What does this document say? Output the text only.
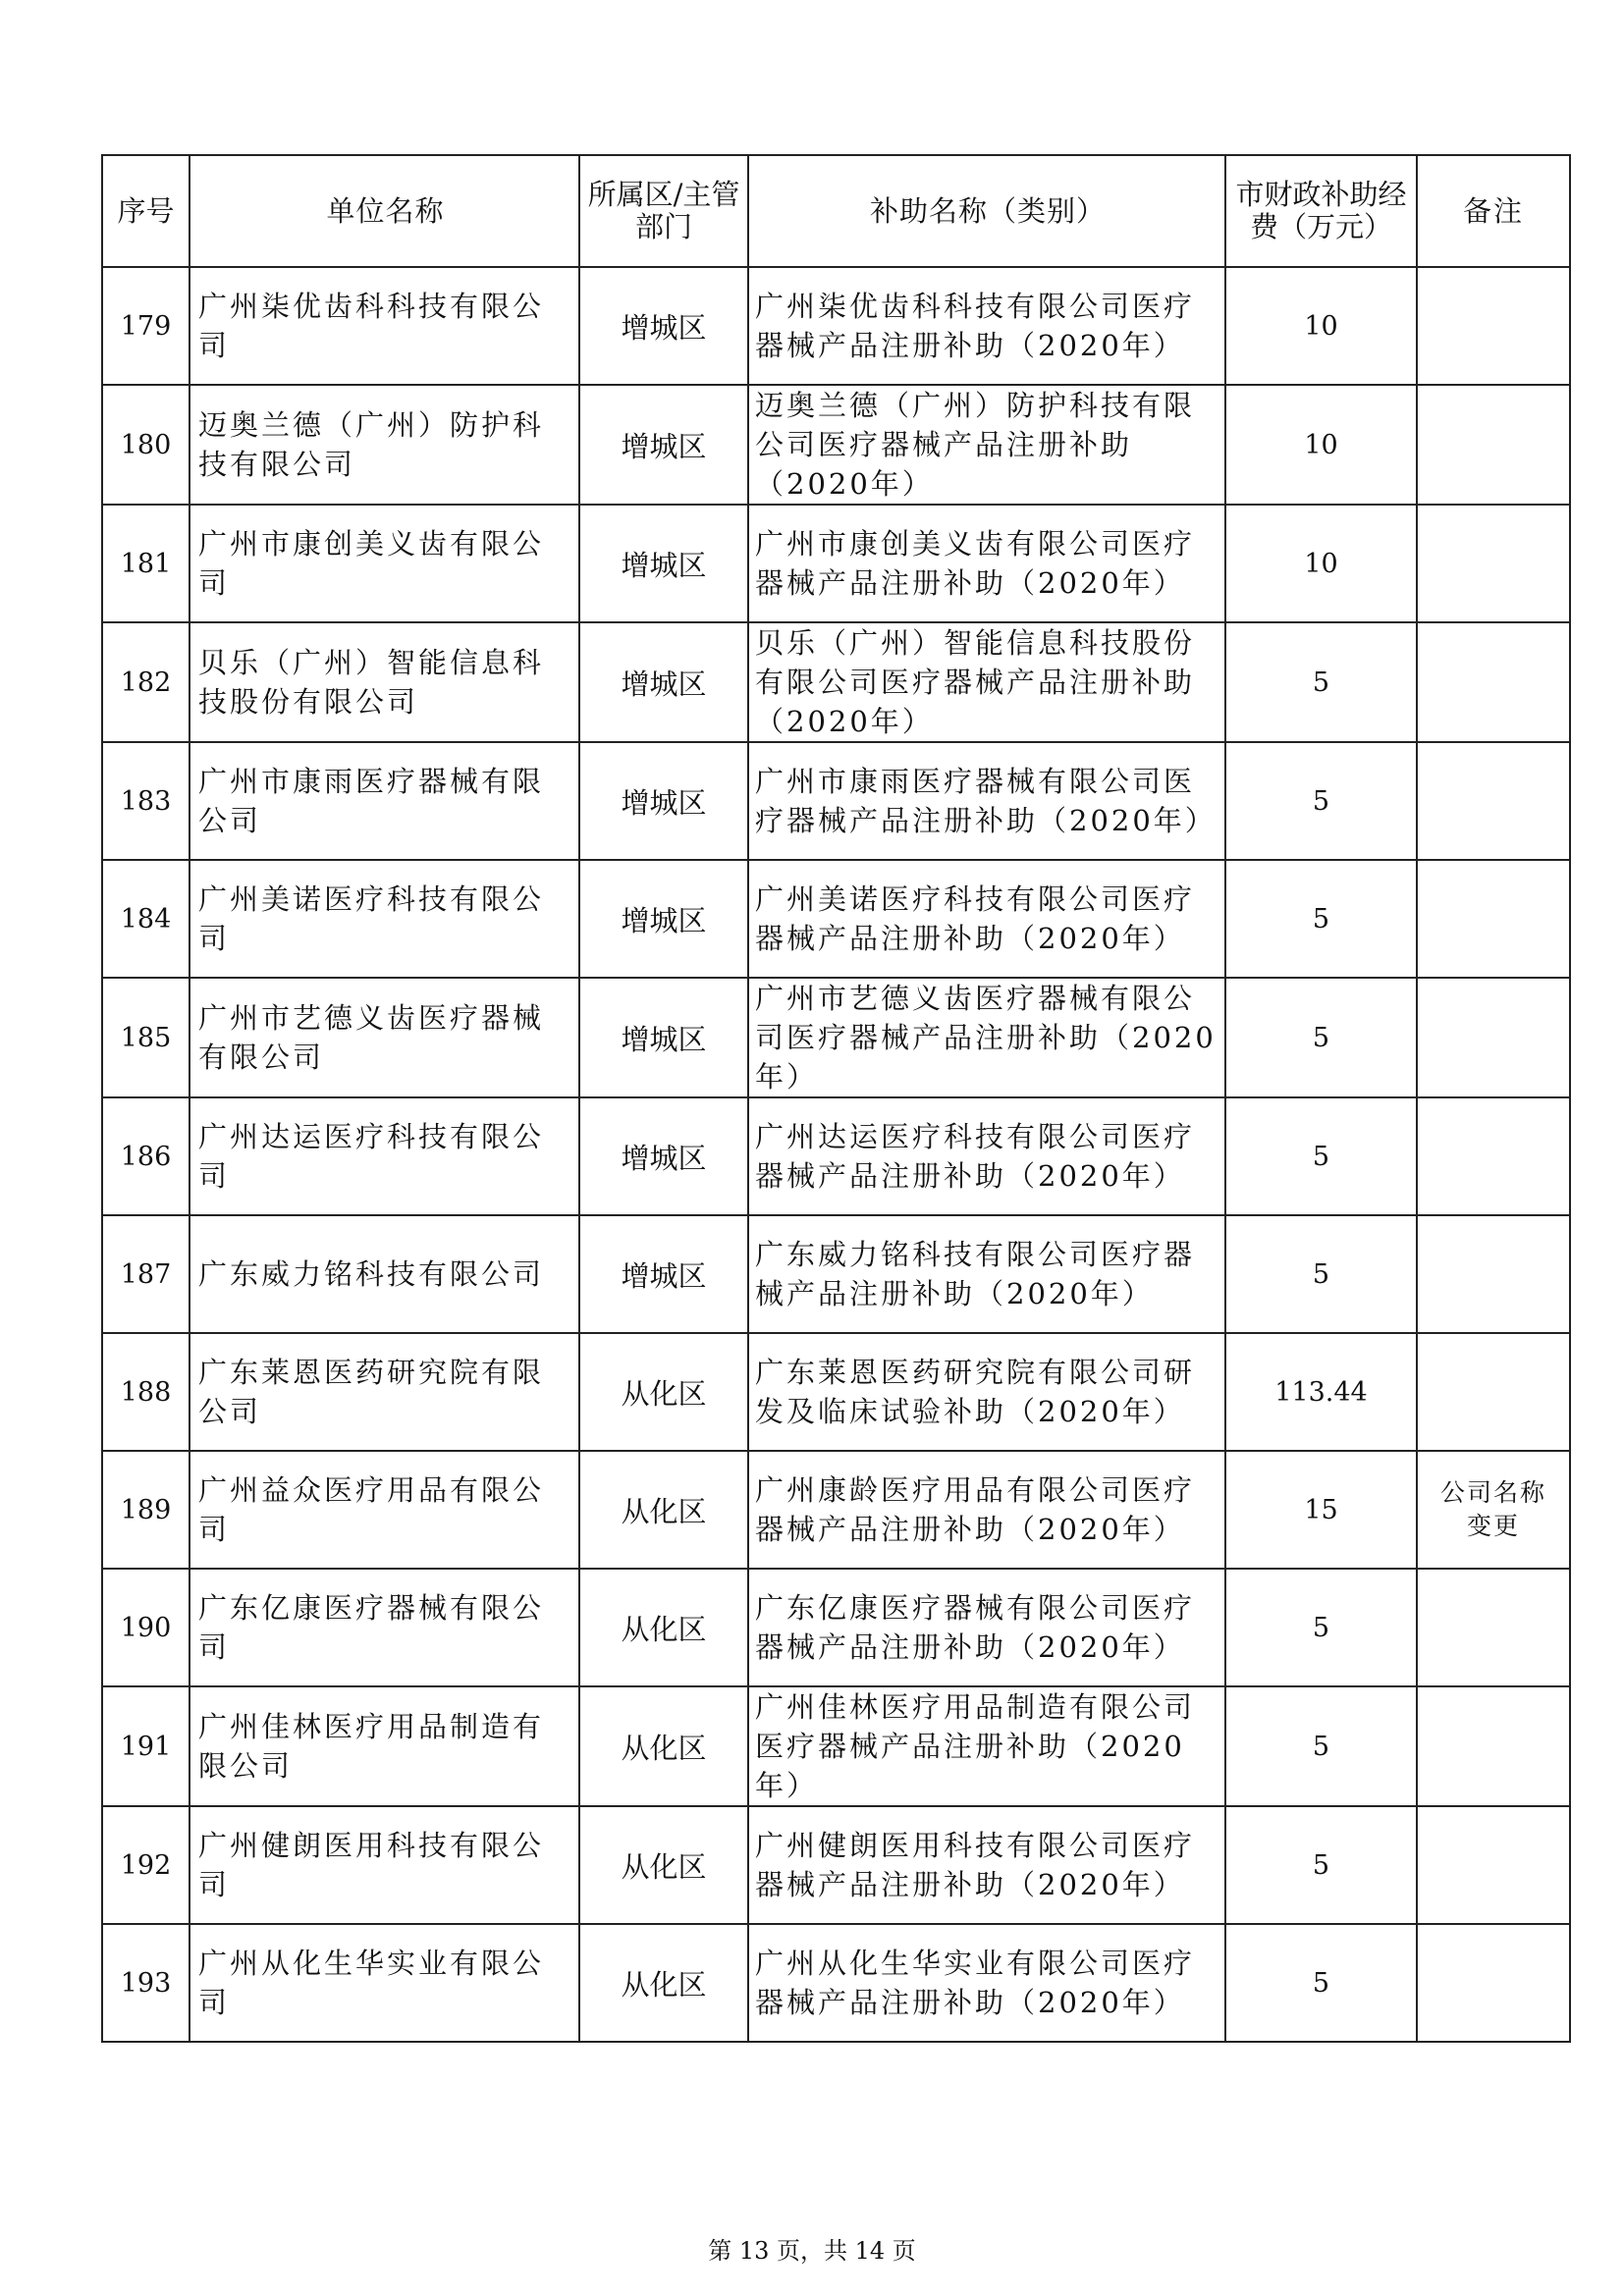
序号	单位名称	所属区/主管部门	补助名称（类别）	市财政补助经费（万元）	备注
179	广州柒优齿科科技有限公司	增城区	广州柒优齿科科技有限公司医疗器械产品注册补助（2020年）	10	
180	迈奥兰德（广州）防护科技有限公司	增城区	迈奥兰德（广州）防护科技有限公司医疗器械产品注册补助（2020年）	10	
181	广州市康创美义齿有限公司	增城区	广州市康创美义齿有限公司医疗器械产品注册补助（2020年）	10	
182	贝乐（广州）智能信息科技股份有限公司	增城区	贝乐（广州）智能信息科技股份有限公司医疗器械产品注册补助（2020年）	5	
183	广州市康雨医疗器械有限公司	增城区	广州市康雨医疗器械有限公司医疗器械产品注册补助（2020年）	5	
184	广州美诺医疗科技有限公司	增城区	广州美诺医疗科技有限公司医疗器械产品注册补助（2020年）	5	
185	广州市艺德义齿医疗器械有限公司	增城区	广州市艺德义齿医疗器械有限公司医疗器械产品注册补助（2020年）	5	
186	广州达运医疗科技有限公司	增城区	广州达运医疗科技有限公司医疗器械产品注册补助（2020年）	5	
187	广东威力铭科技有限公司	增城区	广东威力铭科技有限公司医疗器械产品注册补助（2020年）	5	
188	广东莱恩医药研究院有限公司	从化区	广东莱恩医药研究院有限公司研发及临床试验补助（2020年）	113.44	
189	广州益众医疗用品有限公司	从化区	广州康龄医疗用品有限公司医疗器械产品注册补助（2020年）	15	公司名称变更
190	广东亿康医疗器械有限公司	从化区	广东亿康医疗器械有限公司医疗器械产品注册补助（2020年）	5	
191	广州佳林医疗用品制造有限公司	从化区	广州佳林医疗用品制造有限公司医疗器械产品注册补助（2020年）	5	
192	广州健朗医用科技有限公司	从化区	广州健朗医用科技有限公司医疗器械产品注册补助（2020年）	5	
193	广州从化生华实业有限公司	从化区	广州从化生华实业有限公司医疗器械产品注册补助（2020年）	5	
第 13 页，共 14 页
